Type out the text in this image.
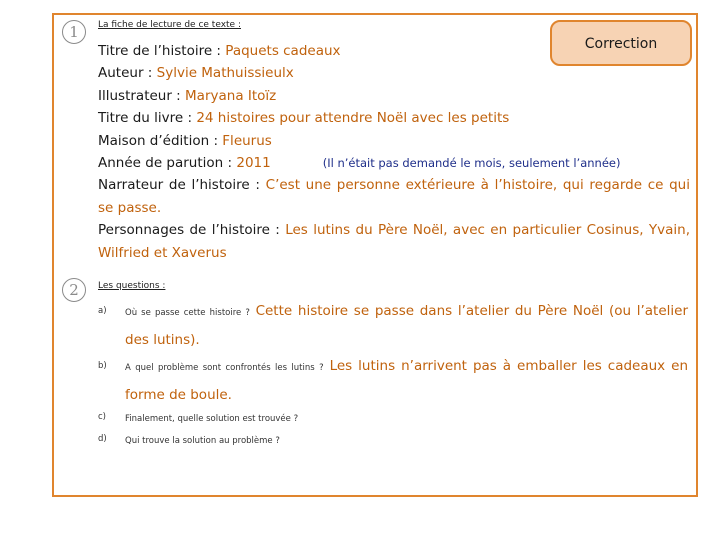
1	La fiche de lecture de ce texte :
Correction
Titre de l’histoire : Paquets cadeaux
Auteur : Sylvie Mathuissieulx
Illustrateur : Maryana Itoïz
Titre du livre : 24 histoires pour attendre Noël avec les petits
Maison d’édition : Fleurus
Année de parution : 2011	(Il n’était pas demandé le mois, seulement l’année)
Narrateur de l’histoire : C’est une personne extérieure à l’histoire, qui regarde ce qui se passe.
Personnages de l’histoire : Les lutins du Père Noël, avec en particulier Cosinus, Yvain, Wilfried et Xaverus
2	Les questions :
a) Où se passe cette histoire ? Cette histoire se passe dans l’atelier du Père Noël (ou l’atelier des lutins).
b) A quel problème sont confrontés les lutins ? Les lutins n’arrivent pas à emballer les cadeaux en forme de boule.
c) Finalement, quelle solution est trouvée ?
d) Qui trouve la solution au problème ?
